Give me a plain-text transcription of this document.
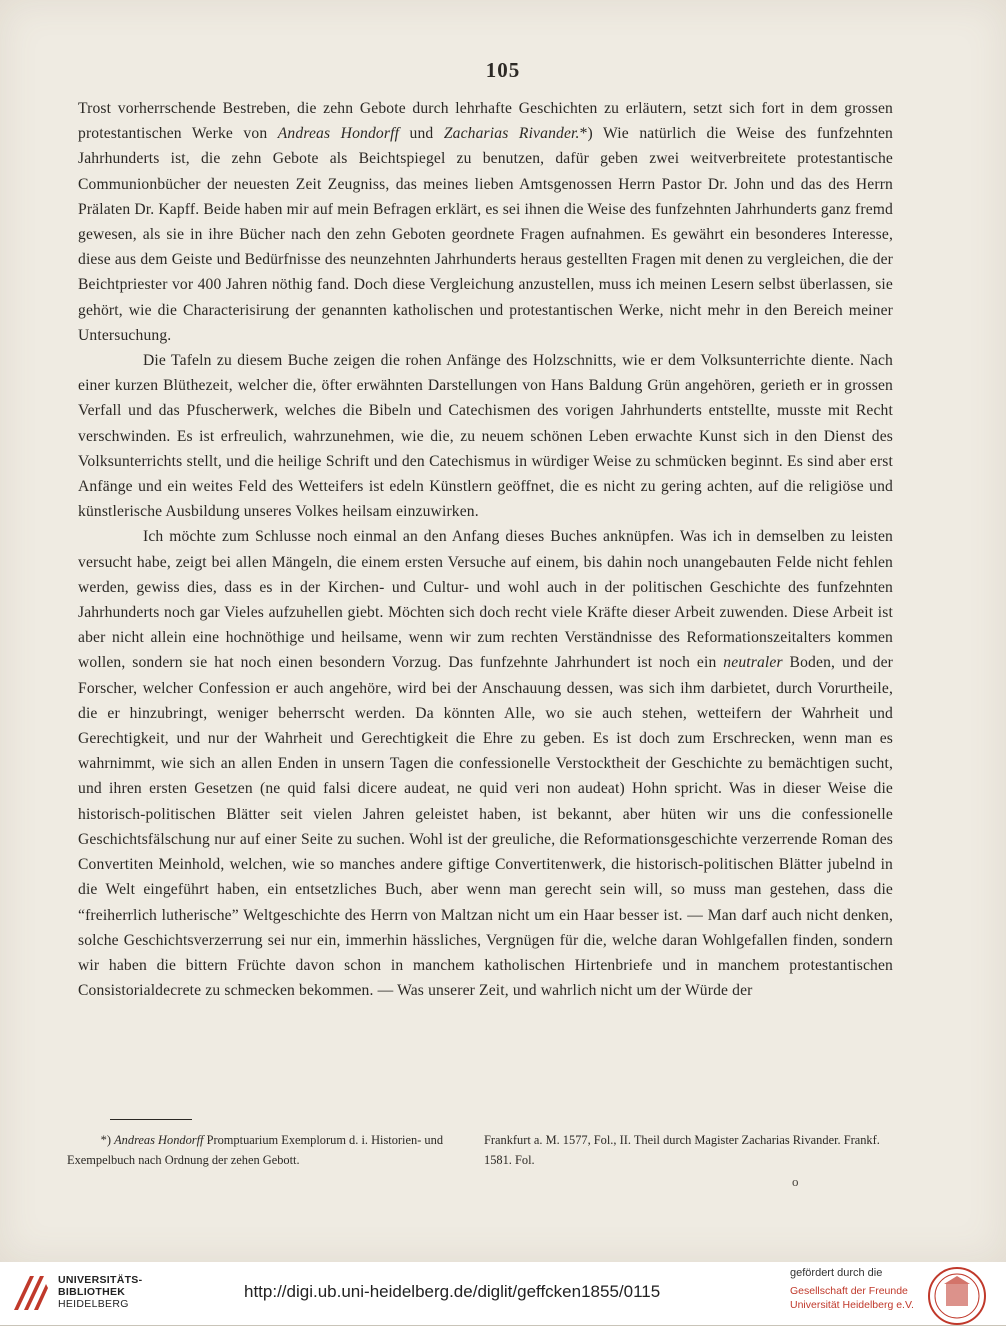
105

Trost vorherrschende Bestreben, die zehn Gebote durch lehrhafte Geschichten zu erläutern, setzt sich fort in dem grossen protestantischen Werke von Andreas Hondorff und Zacharias Rivander.*) Wie natürlich die Weise des funfzehnten Jahrhunderts ist, die zehn Gebote als Beichtspiegel zu benutzen, dafür geben zwei weitverbreitete protestantische Communionbücher der neuesten Zeit Zeugniss, das meines lieben Amtsgenossen Herrn Pastor Dr. John und das des Herrn Prälaten Dr. Kapff. Beide haben mir auf mein Befragen erklärt, es sei ihnen die Weise des funfzehnten Jahrhunderts ganz fremd gewesen, als sie in ihre Bücher nach den zehn Geboten geordnete Fragen aufnahmen. Es gewährt ein besonderes Interesse, diese aus dem Geiste und Bedürfnisse des neunzehnten Jahrhunderts heraus gestellten Fragen mit denen zu vergleichen, die der Beichtpriester vor 400 Jahren nöthig fand. Doch diese Vergleichung anzustellen, muss ich meinen Lesern selbst überlassen, sie gehört, wie die Characterisirung der genannten katholischen und protestantischen Werke, nicht mehr in den Bereich meiner Untersuchung.

Die Tafeln zu diesem Buche zeigen die rohen Anfänge des Holzschnitts, wie er dem Volksunterrichte diente. Nach einer kurzen Blüthezeit, welcher die, öfter erwähnten Darstellungen von Hans Baldung Grün angehören, gerieth er in grossen Verfall und das Pfuscherwerk, welches die Bibeln und Catechismen des vorigen Jahrhunderts entstellte, musste mit Recht verschwinden. Es ist erfreulich, wahrzunehmen, wie die, zu neuem schönen Leben erwachte Kunst sich in den Dienst des Volksunterrichts stellt, und die heilige Schrift und den Catechismus in würdiger Weise zu schmücken beginnt. Es sind aber erst Anfänge und ein weites Feld des Wetteifers ist edeln Künstlern geöffnet, die es nicht zu gering achten, auf die religiöse und künstlerische Ausbildung unseres Volkes heilsam einzuwirken.

Ich möchte zum Schlusse noch einmal an den Anfang dieses Buches anknüpfen. Was ich in demselben zu leisten versucht habe, zeigt bei allen Mängeln, die einem ersten Versuche auf einem, bis dahin noch unangebauten Felde nicht fehlen werden, gewiss dies, dass es in der Kirchen- und Cultur- und wohl auch in der politischen Geschichte des funfzehnten Jahrhunderts noch gar Vieles aufzuhellen giebt. Möchten sich doch recht viele Kräfte dieser Arbeit zuwenden. Diese Arbeit ist aber nicht allein eine hochnöthige und heilsame, wenn wir zum rechten Verständnisse des Reformationszeitalters kommen wollen, sondern sie hat noch einen besondern Vorzug. Das funfzehnte Jahrhundert ist noch ein neutraler Boden, und der Forscher, welcher Confession er auch angehöre, wird bei der Anschauung dessen, was sich ihm darbietet, durch Vorurtheile, die er hinzubringt, weniger beherrscht werden. Da könnten Alle, wo sie auch stehen, wetteifern der Wahrheit und Gerechtigkeit, und nur der Wahrheit und Gerechtigkeit die Ehre zu geben. Es ist doch zum Erschrecken, wenn man es wahrnimmt, wie sich an allen Enden in unsern Tagen die confessionelle Verstocktheit der Geschichte zu bemächtigen sucht, und ihren ersten Gesetzen (ne quid falsi dicere audeat, ne quid veri non audeat) Hohn spricht. Was in dieser Weise die historisch-politischen Blätter seit vielen Jahren geleistet haben, ist bekannt, aber hüten wir uns die confessionelle Geschichtsfälschung nur auf einer Seite zu suchen. Wohl ist der greuliche, die Reformationsgeschichte verzerrende Roman des Convertiten Meinhold, welchen, wie so manches andere giftige Convertitenwerk, die historisch-politischen Blätter jubelnd in die Welt eingeführt haben, ein entsetzliches Buch, aber wenn man gerecht sein will, so muss man gestehen, dass die “freiherrlich lutherische” Weltgeschichte des Herrn von Maltzan nicht um ein Haar besser ist. — Man darf auch nicht denken, solche Geschichtsverzerrung sei nur ein, immerhin hässliches, Vergnügen für die, welche daran Wohlgefallen finden, sondern wir haben die bittern Früchte davon schon in manchem katholischen Hirtenbriefe und in manchem protestantischen Consistorialdecrete zu schmecken bekommen. — Was unserer Zeit, und wahrlich nicht um der Würde der

*) Andreas Hondorff Promptuarium Exemplorum d. i. Historien- und Exempelbuch nach Ordnung der zehen Gebott.
Frankfurt a. M. 1577, Fol., II. Theil durch Magister Zacharias Rivander. Frankf. 1581. Fol.
o
UNIVERSITÄTS-
BIBLIOTHEK
HEIDELBERG
http://digi.ub.uni-heidelberg.de/diglit/geffcken1855/0115
gefördert durch die
Gesellschaft der Freunde
Universität Heidelberg e.V.
